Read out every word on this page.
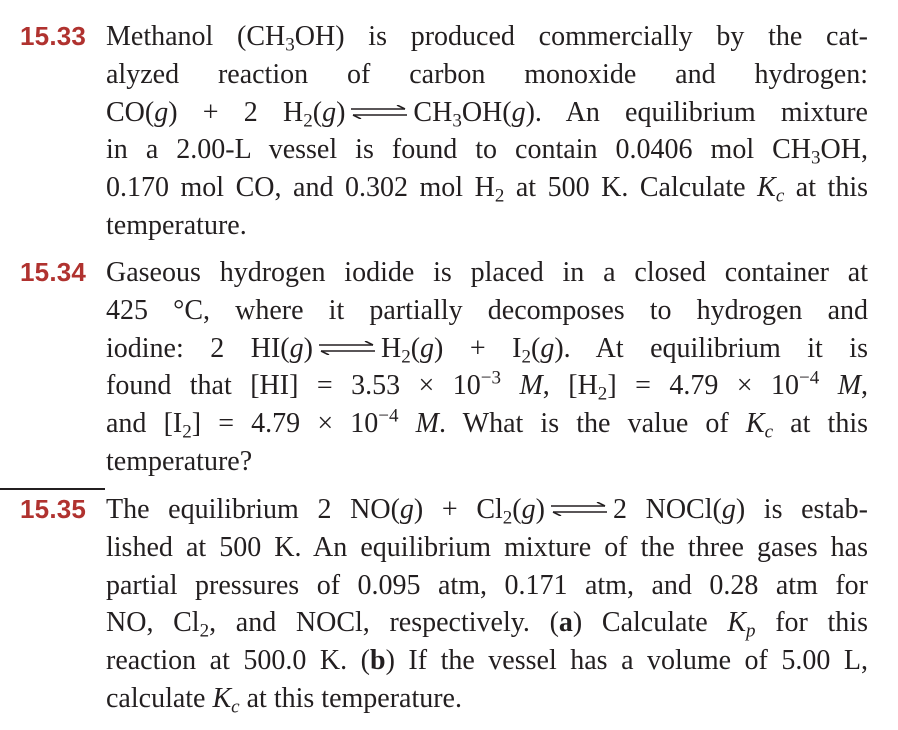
15.33 Methanol $(CH_3OH)$ is produced commercially by the cat-
alyzed reaction of carbon monoxide and hydrogen:
CO(g) + 2 $H_2(g)$ ⇌ $CH_3OH(g)$. An equilibrium mixture
in a 2.00-L vessel is found to contain 0.0406 mol $CH_3OH$,
0.170 mol CO, and 0.302 mol $H_2$ at 500 K. Calculate $K_c$ at this
temperature.
15.34 Gaseous hydrogen iodide is placed in a closed container at
425 °C, where it partially decomposes to hydrogen and
iodine: 2 HI(g) ⇌ $H_2(g) + I_2(g)$. At equilibrium it is
found that $[HI] = 3.53 \times 10^{-3}$ M, $[H_2] = 4.79 \times 10^{-4}$ M,
and $[I_2] = 4.79 \times 10^{-4}$ M. What is the value of $K_c$ at this
temperature?
15.35 The equilibrium 2 $NO(g) + Cl_2(g)$ ⇌ 2 NOCl(g) is estab-
lished at 500 K. An equilibrium mixture of the three gases has
partial pressures of 0.095 atm, 0.171 atm, and 0.28 atm for
NO, $Cl_2$, and NOCl, respectively. (a) Calculate $K_p$ for this
reaction at 500.0 K. (b) If the vessel has a volume of 5.00 L,
calculate $K_c$ at this temperature.
